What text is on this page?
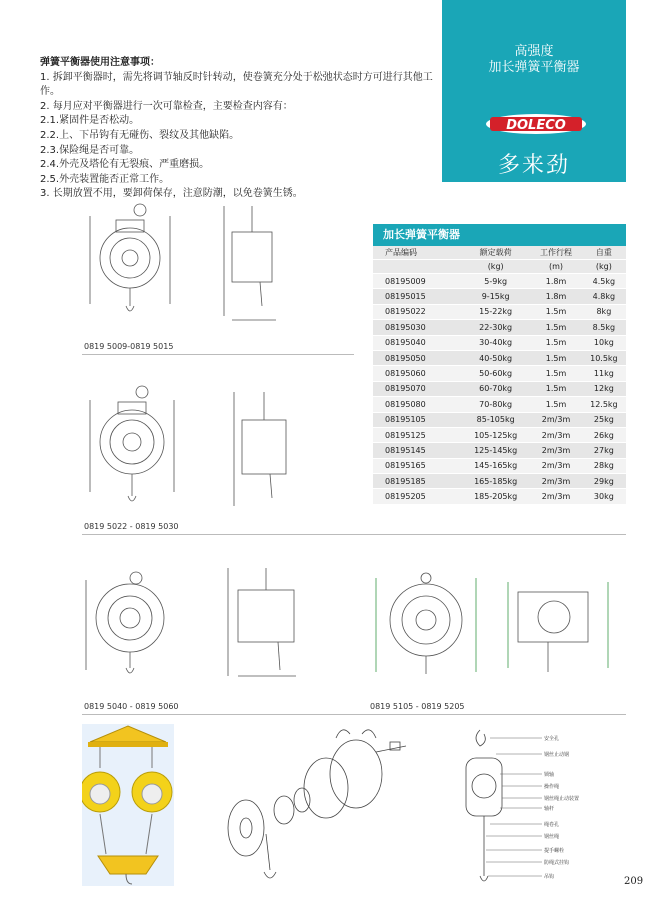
高强度
加长弹簧平衡器
DOLECO
多来劲
弹簧平衡器使用注意事项：
1. 拆卸平衡器时，需先将调节轴反时针转动，使卷簧充分处于松弛状态时方可进行其他工作。
2. 每月应对平衡器进行一次可靠检查，主要检查内容有：
2.1.紧固件是否松动。
2.2.上、下吊钩有无碰伤、裂纹及其他缺陷。
2.3.保险绳是否可靠。
2.4.外壳及塔伦有无裂痕、严重磨损。
2.5.外壳装置能否正常工作。
3. 长期放置不用，要卸荷保存，注意防潮，以免卷簧生锈。
加长弹簧平衡器
产品编码	额定载荷	工作行程	自重
	(kg)	(m)	(kg)
08195009	5-9kg	1.8m	4.5kg
08195015	9-15kg	1.8m	4.8kg
08195022	15-22kg	1.5m	8kg
08195030	22-30kg	1.5m	8.5kg
08195040	30-40kg	1.5m	10kg
08195050	40-50kg	1.5m	10.5kg
08195060	50-60kg	1.5m	11kg
08195070	60-70kg	1.5m	12kg
08195080	70-80kg	1.5m	12.5kg
08195105	85-105kg	2m/3m	25kg
08195125	105-125kg	2m/3m	26kg
08195145	125-145kg	2m/3m	27kg
08195165	145-165kg	2m/3m	28kg
08195185	165-185kg	2m/3m	29kg
08195205	185-205kg	2m/3m	30kg
0819 5009-0819 5015
0819 5022 - 0819 5030
0819 5040 - 0819 5060	0819 5105 - 0819 5205
安全孔
钢丝止动钢
锁轴
操作绳
钢丝绳止动装置
轴杆
绳卷孔
钢丝绳
提手螺栓
防绳式挂钩
吊钩	209
